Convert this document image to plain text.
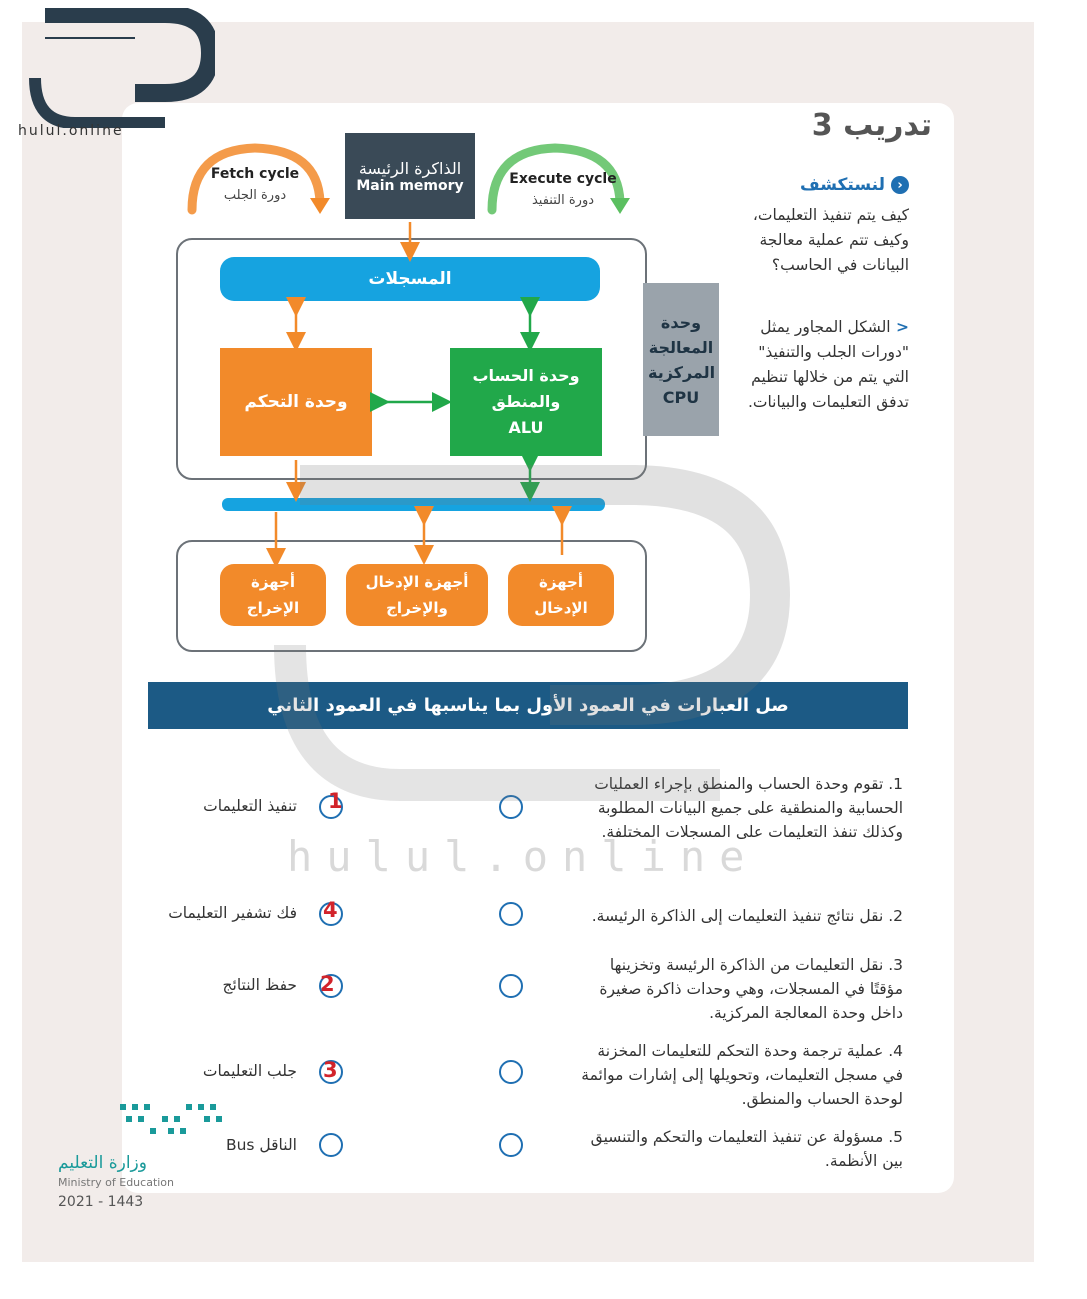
hulul.online	تدريب 3
‹
لنستكشف
كيف يتم تنفيذ التعليمات، وكيف تتم عملية معالجة البيانات في الحاسب؟
< الشكل المجاور يمثل "دورات الجلب والتنفيذ" التي يتم من خلالها تنظيم تدفق التعليمات والبيانات.
Fetch cycle
دورة الجلب
Execute cycle
دورة التنفيذ
الذاكرة الرئيسة
Main memory
المسجلات
وحدة التحكم
وحدة الحساب والمنطق
ALU
وحدة المعالجة المركزية
CPU
أجهزة الإخراج
أجهزة الإدخال والإخراج
أجهزة الإدخال
صل العبارات في العمود الأول بما يناسبها في العمود الثاني
1. تقوم وحدة الحساب والمنطق بإجراء العمليات الحسابية والمنطقية على جميع البيانات المطلوبة وكذلك تنفذ التعليمات على المسجلات المختلفة.
2. نقل نتائج تنفيذ التعليمات إلى الذاكرة الرئيسة.
3. نقل التعليمات من الذاكرة الرئيسة وتخزينها مؤقتًا في المسجلات، وهي وحدات ذاكرة صغيرة داخل وحدة المعالجة المركزية.
4. عملية ترجمة وحدة التحكم للتعليمات المخزنة في مسجل التعليمات، وتحويلها إلى إشارات موائمة لوحدة الحساب والمنطق.
5. مسؤولة عن تنفيذ التعليمات والتحكم والتنسيق بين الأنظمة.
1
4
2
3
تنفيذ التعليمات
فك تشفير التعليمات
حفظ النتائج
جلب التعليمات
الناقل Bus
hulul.online
وزارة التعليم
Ministry of Education
2021 - 1443
